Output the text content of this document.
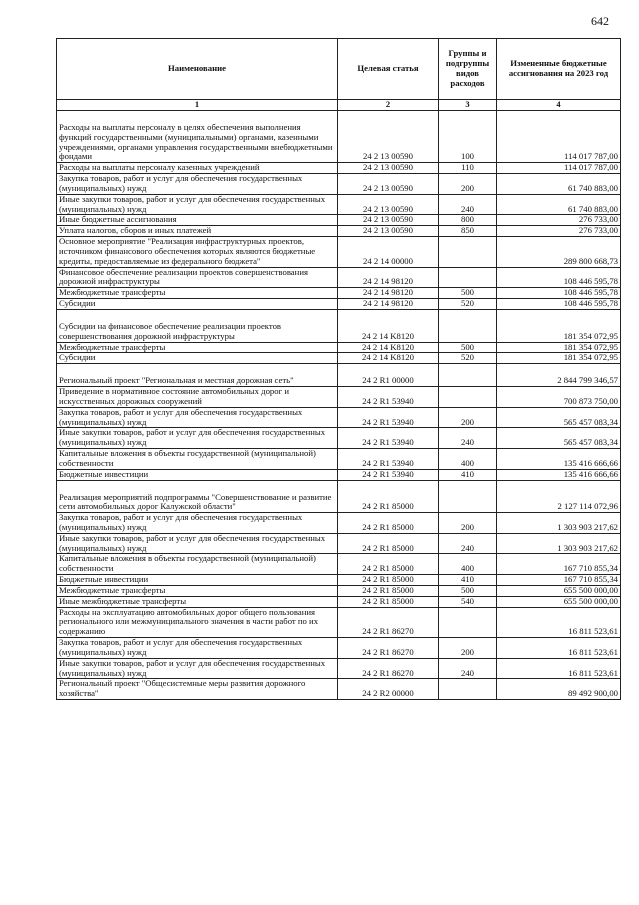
642
Наименование	Целевая статья	Группы и подгруппы видов расходов	Измененные бюджетные ассигнования на 2023 год
1	2	3	4
Расходы на выплаты персоналу в целях обеспечения выполнения функций государственными (муниципальными) органами, казенными учреждениями, органами управления государственными внебюджетными фондами	24 2 13 00590	100	114 017 787,00
Расходы на выплаты персоналу казенных учреждений	24 2 13 00590	110	114 017 787,00
Закупка товаров, работ и услуг для обеспечения государственных (муниципальных) нужд	24 2 13 00590	200	61 740 883,00
Иные закупки товаров, работ и услуг для обеспечения государственных (муниципальных) нужд	24 2 13 00590	240	61 740 883,00
Иные бюджетные ассигнования	24 2 13 00590	800	276 733,00
Уплата налогов, сборов и иных платежей	24 2 13 00590	850	276 733,00
Основное мероприятие "Реализация инфраструктурных проектов, источником финансового обеспечения которых являются бюджетные кредиты, предоставляемые из федерального бюджета"	24 2 14 00000		289 800 668,73
Финансовое обеспечение реализации проектов совершенствования дорожной инфраструктуры	24 2 14 98120		108 446 595,78
Межбюджетные трансферты	24 2 14 98120	500	108 446 595,78
Субсидии	24 2 14 98120	520	108 446 595,78
Субсидии на финансовое обеспечение реализации проектов совершенствования дорожной инфраструктуры	24 2 14 K8120		181 354 072,95
Межбюджетные трансферты	24 2 14 K8120	500	181 354 072,95
Субсидии	24 2 14 K8120	520	181 354 072,95
Региональный проект "Региональная и местная дорожная сеть"	24 2 R1 00000		2 844 799 346,57
Приведение в нормативное состояние автомобильных дорог и искусственных дорожных сооружений	24 2 R1 53940		700 873 750,00
Закупка товаров, работ и услуг для обеспечения государственных (муниципальных) нужд	24 2 R1 53940	200	565 457 083,34
Иные закупки товаров, работ и услуг для обеспечения государственных (муниципальных) нужд	24 2 R1 53940	240	565 457 083,34
Капитальные вложения в объекты государственной (муниципальной) собственности	24 2 R1 53940	400	135 416 666,66
Бюджетные инвестиции	24 2 R1 53940	410	135 416 666,66
Реализация мероприятий подпрограммы "Совершенствование и развитие сети автомобильных дорог Калужской области"	24 2 R1 85000		2 127 114 072,96
Закупка товаров, работ и услуг для обеспечения государственных (муниципальных) нужд	24 2 R1 85000	200	1 303 903 217,62
Иные закупки товаров, работ и услуг для обеспечения государственных (муниципальных) нужд	24 2 R1 85000	240	1 303 903 217,62
Капитальные вложения в объекты государственной (муниципальной) собственности	24 2 R1 85000	400	167 710 855,34
Бюджетные инвестиции	24 2 R1 85000	410	167 710 855,34
Межбюджетные трансферты	24 2 R1 85000	500	655 500 000,00
Иные межбюджетные трансферты	24 2 R1 85000	540	655 500 000,00
Расходы на эксплуатацию автомобильных дорог общего пользования регионального или межмуниципального значения в части работ по их содержанию	24 2 R1 86270		16 811 523,61
Закупка товаров, работ и услуг для обеспечения государственных (муниципальных) нужд	24 2 R1 86270	200	16 811 523,61
Иные закупки товаров, работ и услуг для обеспечения государственных (муниципальных) нужд	24 2 R1 86270	240	16 811 523,61
Региональный проект "Общесистемные меры развития дорожного хозяйства"	24 2 R2 00000		89 492 900,00
